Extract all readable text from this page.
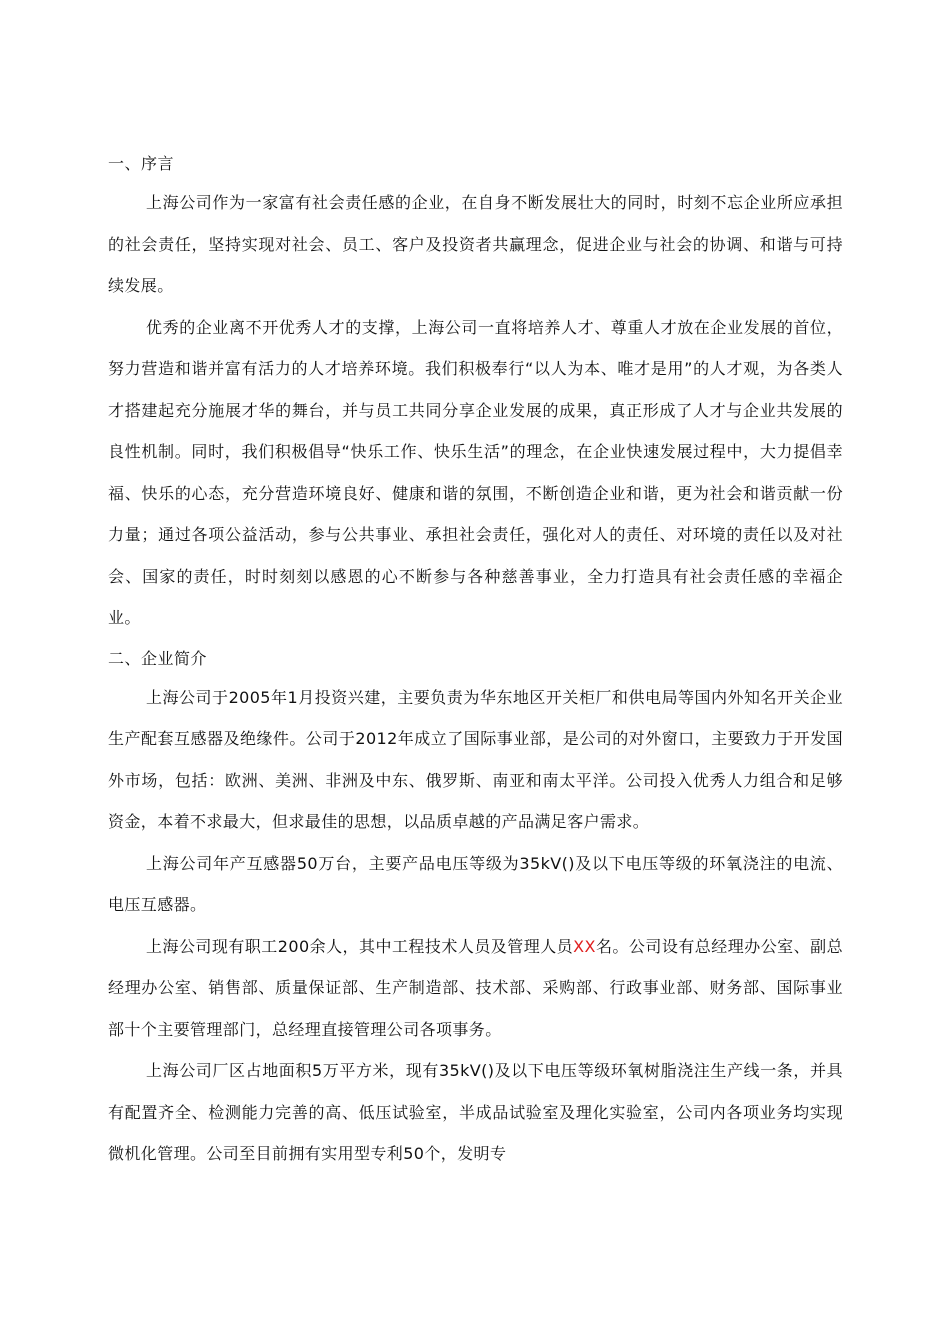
一、序言

上海公司作为一家富有社会责任感的企业，在自身不断发展壮大的同时，时刻不忘企业所应承担的社会责任，坚持实现对社会、员工、客户及投资者共赢理念，促进企业与社会的协调、和谐与可持续发展。

优秀的企业离不开优秀人才的支撑，上海公司一直将培养人才、尊重人才放在企业发展的首位，努力营造和谐并富有活力的人才培养环境。我们积极奉行“以人为本、唯才是用”的人才观，为各类人才搭建起充分施展才华的舞台，并与员工共同分享企业发展的成果，真正形成了人才与企业共发展的良性机制。同时，我们积极倡导“快乐工作、快乐生活”的理念，在企业快速发展过程中，大力提倡幸福、快乐的心态，充分营造环境良好、健康和谐的氛围，不断创造企业和谐，更为社会和谐贡献一份力量；通过各项公益活动，参与公共事业、承担社会责任，强化对人的责任、对环境的责任以及对社会、国家的责任，时时刻刻以感恩的心不断参与各种慈善事业，全力打造具有社会责任感的幸福企业。

二、企业简介

上海公司于2005年1月投资兴建，主要负责为华东地区开关柜厂和供电局等国内外知名开关企业生产配套互感器及绝缘件。公司于2012年成立了国际事业部，是公司的对外窗口，主要致力于开发国外市场，包括：欧洲、美洲、非洲及中东、俄罗斯、南亚和南太平洋。公司投入优秀人力组合和足够资金，本着不求最大，但求最佳的思想，以品质卓越的产品满足客户需求。

上海公司年产互感器50万台，主要产品电压等级为35kV()及以下电压等级的环氧浇注的电流、电压互感器。

上海公司现有职工200余人，其中工程技术人员及管理人员XX名。公司设有总经理办公室、副总经理办公室、销售部、质量保证部、生产制造部、技术部、采购部、行政事业部、财务部、国际事业部十个主要管理部门，总经理直接管理公司各项事务。

上海公司厂区占地面积5万平方米，现有35kV()及以下电压等级环氧树脂浇注生产线一条，并具有配置齐全、检测能力完善的高、低压试验室，半成品试验室及理化实验室，公司内各项业务均实现微机化管理。公司至目前拥有实用型专利50个，发明专
